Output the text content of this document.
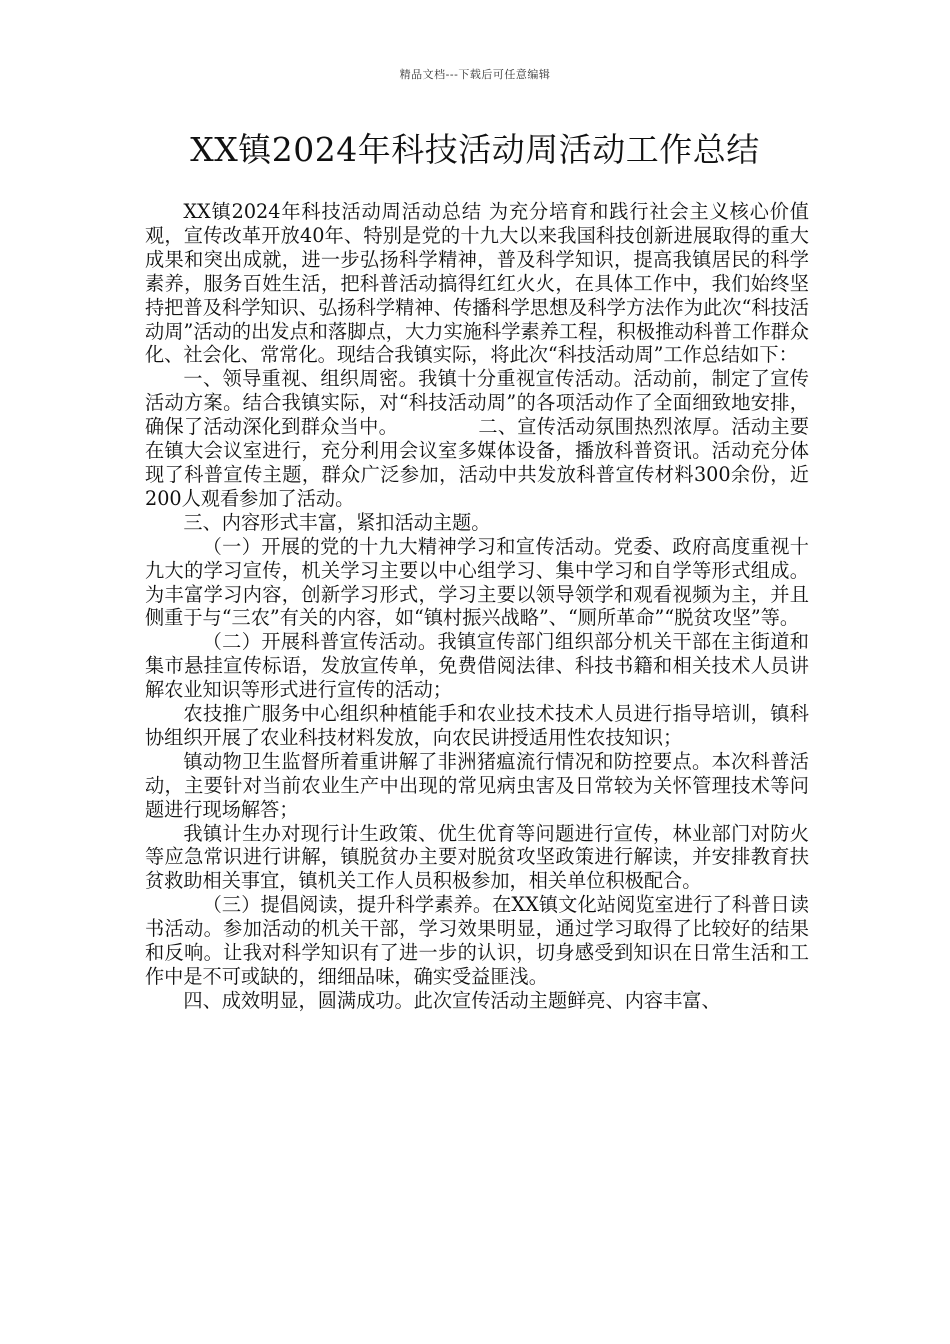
精品文档---下载后可任意编辑
XX镇2024年科技活动周活动工作总结

XX镇2024年科技活动周活动总结 为充分培育和践行社会主义核心价值观，宣传改革开放40年、特别是党的十九大以来我国科技创新进展取得的重大成果和突出成就，进一步弘扬科学精神，普及科学知识，提高我镇居民的科学素养，服务百姓生活，把科普活动搞得红红火火，在具体工作中，我们始终坚持把普及科学知识、弘扬科学精神、传播科学思想及科学方法作为此次“科技活动周”活动的出发点和落脚点，大力实施科学素养工程，积极推动科普工作群众化、社会化、常常化。现结合我镇实际，将此次“科技活动周”工作总结如下：

一、领导重视、组织周密。我镇十分重视宣传活动。活动前，制定了宣传活动方案。结合我镇实际，对“科技活动周”的各项活动作了全面细致地安排，确保了活动深化到群众当中。	二、宣传活动氛围热烈浓厚。活动主要在镇大会议室进行，充分利用会议室多媒体设备，播放科普资讯。活动充分体现了科普宣传主题，群众广泛参加，活动中共发放科普宣传材料300余份，近200人观看参加了活动。

三、内容形式丰富，紧扣活动主题。

（一）开展的党的十九大精神学习和宣传活动。党委、政府高度重视十九大的学习宣传，机关学习主要以中心组学习、集中学习和自学等形式组成。为丰富学习内容，创新学习形式，学习主要以领导领学和观看视频为主，并且侧重于与“三农”有关的内容，如“镇村振兴战略”、“厕所革命”“脱贫攻坚”等。

（二）开展科普宣传活动。我镇宣传部门组织部分机关干部在主街道和集市悬挂宣传标语，发放宣传单，免费借阅法律、科技书籍和相关技术人员讲解农业知识等形式进行宣传的活动；

农技推广服务中心组织种植能手和农业技术技术人员进行指导培训，镇科协组织开展了农业科技材料发放，向农民讲授适用性农技知识；

镇动物卫生监督所着重讲解了非洲猪瘟流行情况和防控要点。本次科普活动，主要针对当前农业生产中出现的常见病虫害及日常较为关怀管理技术等问题进行现场解答；

我镇计生办对现行计生政策、优生优育等问题进行宣传，林业部门对防火等应急常识进行讲解，镇脱贫办主要对脱贫攻坚政策进行解读，并安排教育扶贫救助相关事宜，镇机关工作人员积极参加，相关单位积极配合。

（三）提倡阅读，提升科学素养。在XX镇文化站阅览室进行了科普日读书活动。参加活动的机关干部，学习效果明显，通过学习取得了比较好的结果和反响。让我对科学知识有了进一步的认识，切身感受到知识在日常生活和工作中是不可或缺的，细细品味，确实受益匪浅。

四、成效明显，圆满成功。此次宣传活动主题鲜亮、内容丰富、
